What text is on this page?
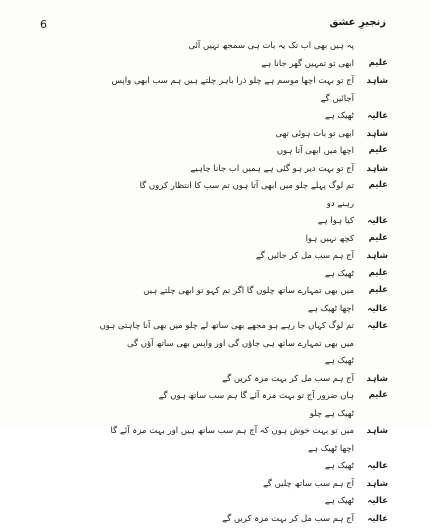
6	زنجیرِ عشق
پہ ہیں بھی اب تک یہ بات ہی سمجھ نہیں آئی
علیم
ابھی تو تمہیں گھر جانا ہے
شاہد
آج تو بہت اچھا موسم ہے چلو ذرا باہر چلتے ہیں ہم سب ابھی واپس
آجائیں گے
عالیہ
ٹھیک ہے
شاہد
ابھی تو بات ہوئی تھی
علیم
اچھا میں ابھی آتا ہوں
شاہد
آج تو بہت دیر ہو گئی ہے ہمیں اب جانا چاہیے
علیم
تم لوگ پہلے چلو میں ابھی آتا ہوں تم سب کا انتظار کروں گا
رہنے دو
عالیہ
کیا ہوا ہے
علیم
کچھ نہیں ہوا
شاہد
آج ہم سب مل کر جائیں گے
علیم
ٹھیک ہے
علیم
میں بھی تمہارے ساتھ چلوں گا اگر تم کہو تو ابھی چلتے ہیں
عالیہ
اچھا ٹھیک ہے
عالیہ
تم لوگ کہاں جا رہے ہو مجھے بھی ساتھ لے چلو میں بھی آنا چاہتی ہوں
میں بھی تمہارے ساتھ ہی جاؤں گی اور واپس بھی ساتھ آؤں گی
ٹھیک ہے
شاہد
آج ہم سب مل کر بہت مزہ کریں گے
علیم
ہاں ضرور آج تو بہت مزہ آئے گا ہم سب ساتھ ہوں گے
ٹھیک ہے چلو
شاہد
میں تو بہت خوش ہوں کہ آج ہم سب ساتھ ہیں اور بہت مزہ آئے گا
اچھا ٹھیک ہے
عالیہ
ٹھیک ہے
شاہد
آج ہم سب ساتھ چلیں گے
عالیہ
ٹھیک ہے
عالیہ
آج ہم سب مل کر بہت مزہ کریں گے
